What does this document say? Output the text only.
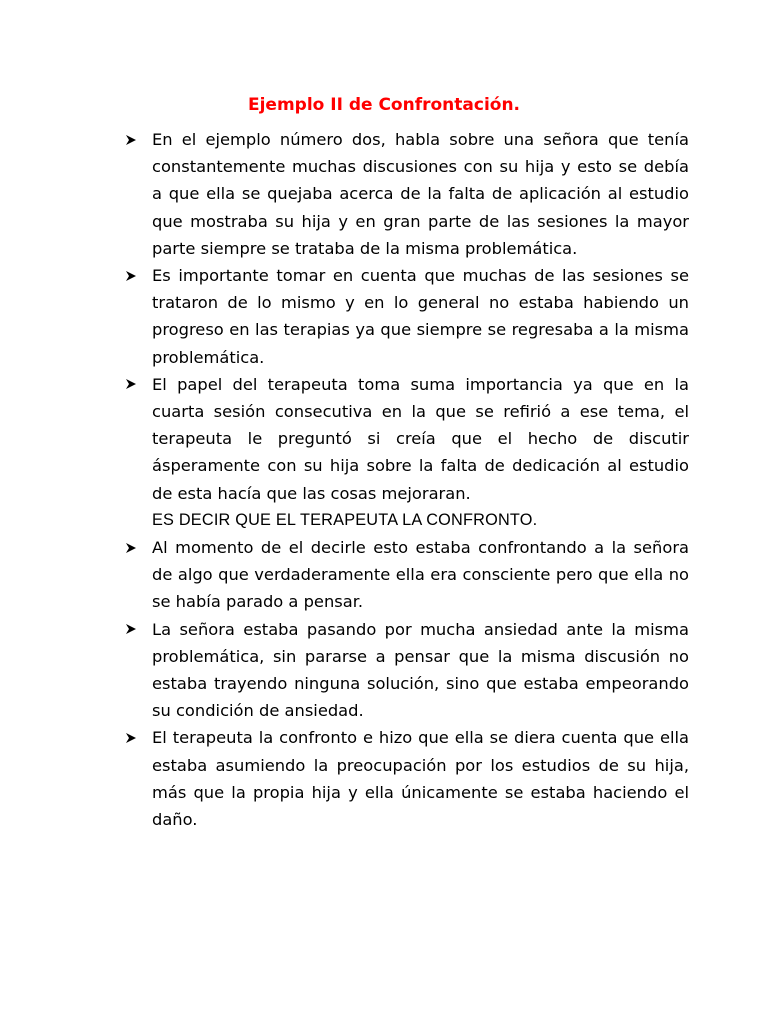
Ejemplo II de Confrontación.
En el ejemplo número dos, habla sobre una señora que tenía constantemente muchas discusiones con su hija y esto se debía a que ella se quejaba acerca de la falta de aplicación al estudio que mostraba su hija y en gran parte de las sesiones la mayor parte siempre se trataba de la misma problemática.
Es importante tomar en cuenta que muchas de las sesiones se trataron de lo mismo y en lo general no estaba habiendo un progreso en las terapias ya que siempre se regresaba a la misma problemática.
El papel del terapeuta toma suma importancia ya que en la cuarta sesión consecutiva en la que se refirió a ese tema, el terapeuta le preguntó si creía que el hecho de discutir ásperamente con su hija sobre la falta de dedicación al estudio de esta hacía que las cosas mejoraran.
ES DECIR QUE EL TERAPEUTA LA CONFRONTO.
Al momento de el decirle esto estaba confrontando a la señora de algo que verdaderamente ella era consciente pero que ella no se había parado a pensar.
La señora estaba pasando por mucha ansiedad ante la misma problemática, sin pararse a pensar que la misma discusión no estaba trayendo ninguna solución, sino que estaba empeorando su condición de ansiedad.
El terapeuta la confronto e hizo que ella se diera cuenta que ella estaba asumiendo la preocupación por los estudios de su hija, más que la propia hija y ella únicamente se estaba haciendo el daño.
